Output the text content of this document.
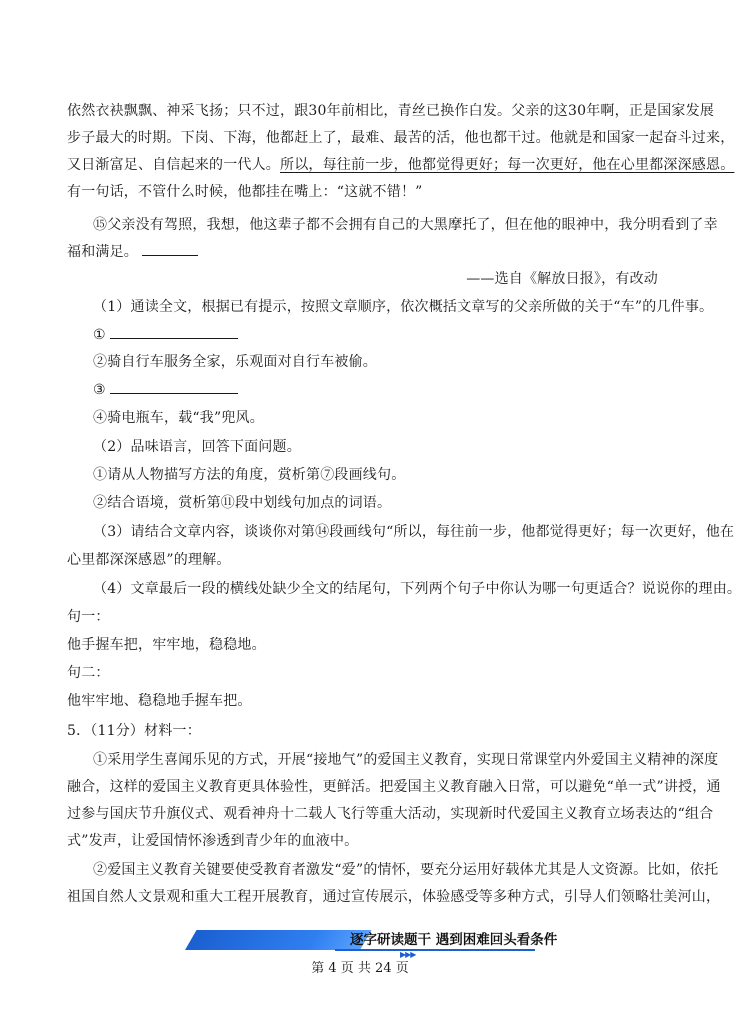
依然衣袂飘飘、神采飞扬；只不过，跟30年前相比，青丝已换作白发。父亲的这30年啊，正是国家发展
步子最大的时期。下岗、下海，他都赶上了，最难、最苦的活，他也都干过。他就是和国家一起奋斗过来，
又日渐富足、自信起来的一代人。所以，每往前一步，他都觉得更好；每一次更好，他在心里都深深感恩。
有一句话，不管什么时候，他都挂在嘴上：“这就不错！”
⑮父亲没有驾照，我想，他这辈子都不会拥有自己的大黑摩托了，但在他的眼神中，我分明看到了幸
福和满足。
——选自《解放日报》，有改动
（1）通读全文，根据已有提示，按照文章顺序，依次概括文章写的父亲所做的关于“车”的几件事。
①
②骑自行车服务全家，乐观面对自行车被偷。
③
④骑电瓶车，载“我”兜风。
（2）品味语言，回答下面问题。
①请从人物描写方法的角度，赏析第⑦段画线句。
②结合语境，赏析第⑪段中划线句加点的词语。
（3）请结合文章内容，谈谈你对第⑭段画线句“所以，每往前一步，他都觉得更好；每一次更好，他在
心里都深深感恩”的理解。
（4）文章最后一段的横线处缺少全文的结尾句，下列两个句子中你认为哪一句更适合？说说你的理由。
句一：
他手握车把，牢牢地，稳稳地。
句二：
他牢牢地、稳稳地手握车把。
5．（11分）材料一：
①采用学生喜闻乐见的方式，开展“接地气”的爱国主义教育，实现日常课堂内外爱国主义精神的深度
融合，这样的爱国主义教育更具体验性，更鲜活。把爱国主义教育融入日常，可以避免“单一式”讲授，通
过参与国庆节升旗仪式、观看神舟十二载人飞行等重大活动，实现新时代爱国主义教育立场表达的“组合
式”发声，让爱国情怀渗透到青少年的血液中。
②爱国主义教育关键要使受教育者激发“爱”的情怀，要充分运用好载体尤其是人文资源。比如，依托
祖国自然人文景观和重大工程开展教育，通过宣传展示，体验感受等多种方式，引导人们领略壮美河山，
逐字研读题干 遇到困难回头看条件
▶▶▶
第 4 页 共 24 页
